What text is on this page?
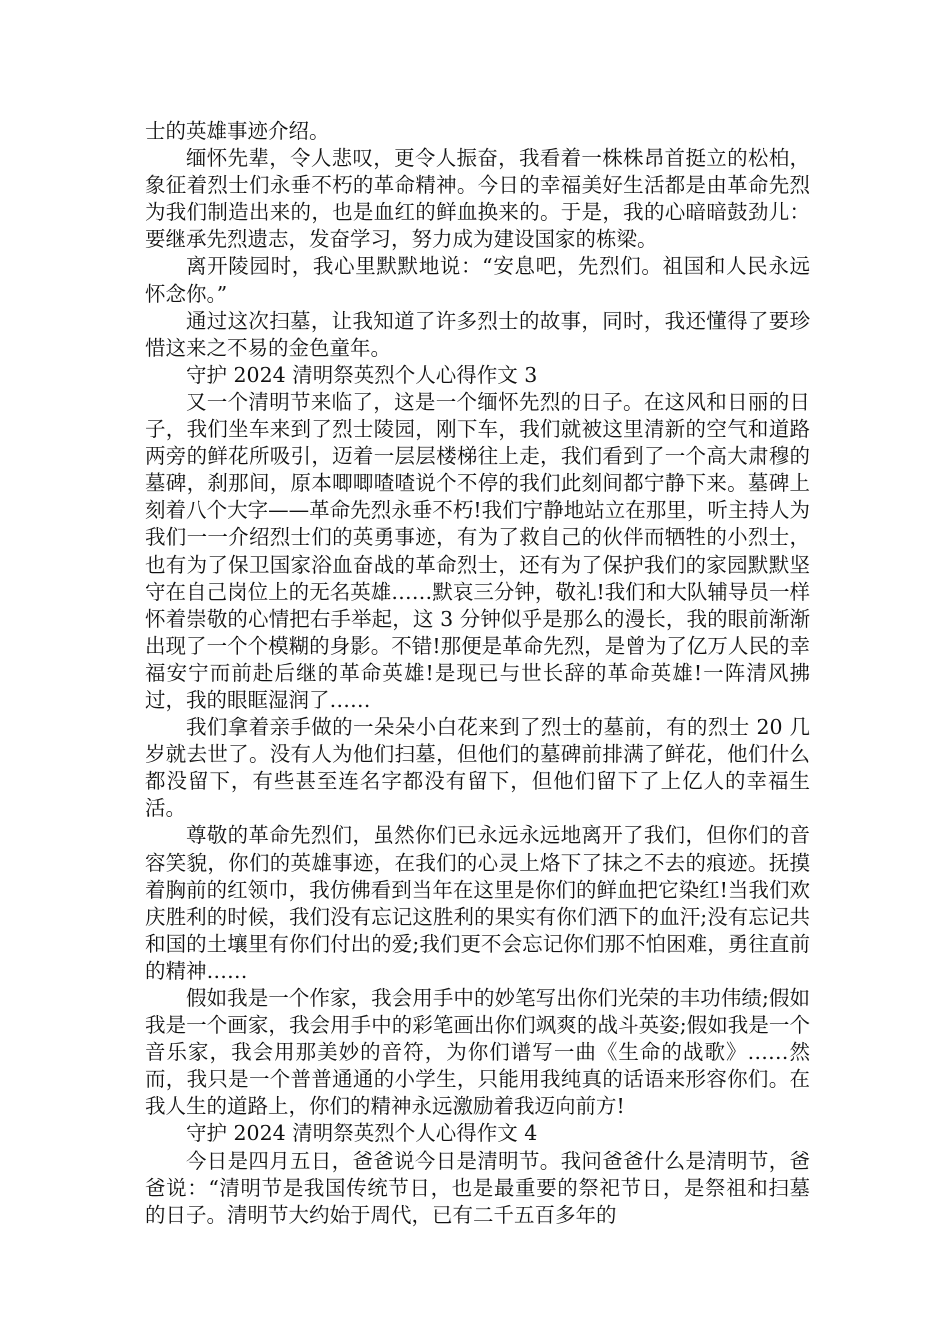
士的英雄事迹介绍。

缅怀先辈，令人悲叹，更令人振奋，我看着一株株昂首挺立的松柏，象征着烈士们永垂不朽的革命精神。今日的幸福美好生活都是由革命先烈为我们制造出来的，也是血红的鲜血换来的。于是，我的心暗暗鼓劲儿：要继承先烈遗志，发奋学习，努力成为建设国家的栋梁。

离开陵园时，我心里默默地说：“安息吧，先烈们。祖国和人民永远怀念你。”

通过这次扫墓，让我知道了许多烈士的故事，同时，我还懂得了要珍惜这来之不易的金色童年。

守护 2024 清明祭英烈个人心得作文 3

又一个清明节来临了，这是一个缅怀先烈的日子。在这风和日丽的日子，我们坐车来到了烈士陵园，刚下车，我们就被这里清新的空气和道路两旁的鲜花所吸引，迈着一层层楼梯往上走，我们看到了一个高大肃穆的墓碑，刹那间，原本唧唧喳喳说个不停的我们此刻间都宁静下来。墓碑上刻着八个大字——革命先烈永垂不朽!我们宁静地站立在那里，听主持人为我们一一介绍烈士们的英勇事迹，有为了救自己的伙伴而牺牲的小烈士，也有为了保卫国家浴血奋战的革命烈士，还有为了保护我们的家园默默坚守在自己岗位上的无名英雄……默哀三分钟，敬礼!我们和大队辅导员一样怀着崇敬的心情把右手举起，这 3 分钟似乎是那么的漫长，我的眼前渐渐出现了一个个模糊的身影。不错!那便是革命先烈，是曾为了亿万人民的幸福安宁而前赴后继的革命英雄!是现已与世长辞的革命英雄!一阵清风拂过，我的眼眶湿润了……

我们拿着亲手做的一朵朵小白花来到了烈士的墓前，有的烈士 20 几岁就去世了。没有人为他们扫墓，但他们的墓碑前排满了鲜花，他们什么都没留下，有些甚至连名字都没有留下，但他们留下了上亿人的幸福生活。

尊敬的革命先烈们，虽然你们已永远永远地离开了我们，但你们的音容笑貌，你们的英雄事迹，在我们的心灵上烙下了抹之不去的痕迹。抚摸着胸前的红领巾，我仿佛看到当年在这里是你们的鲜血把它染红!当我们欢庆胜利的时候，我们没有忘记这胜利的果实有你们洒下的血汗;没有忘记共和国的土壤里有你们付出的爱;我们更不会忘记你们那不怕困难，勇往直前的精神……

假如我是一个作家，我会用手中的妙笔写出你们光荣的丰功伟绩;假如我是一个画家，我会用手中的彩笔画出你们飒爽的战斗英姿;假如我是一个音乐家，我会用那美妙的音符，为你们谱写一曲《生命的战歌》……然而，我只是一个普普通通的小学生，只能用我纯真的话语来形容你们。在我人生的道路上，你们的精神永远激励着我迈向前方!

守护 2024 清明祭英烈个人心得作文 4

今日是四月五日，爸爸说今日是清明节。我问爸爸什么是清明节，爸爸说：“清明节是我国传统节日，也是最重要的祭祀节日，是祭祖和扫墓的日子。清明节大约始于周代，已有二千五百多年的
